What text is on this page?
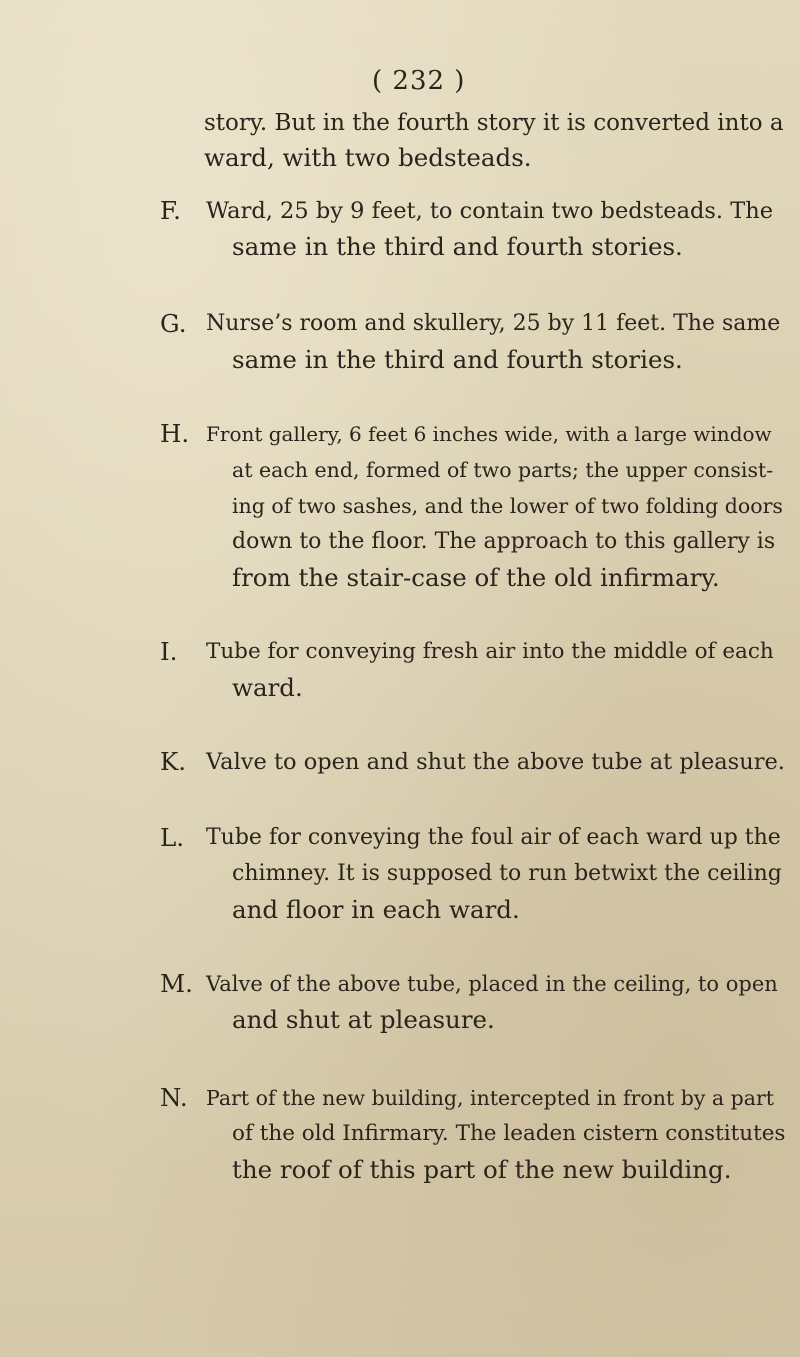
( 232 )
story. But in the fourth story it is converted into a
ward, with two bedsteads.
F. Ward, 25 by 9 feet, to contain two bedsteads. The
same in the third and fourth stories.
G. Nurse’s room and skullery, 25 by 11 feet. The same
same in the third and fourth stories.
H. Front gallery, 6 feet 6 inches wide, with a large window
at each end, formed of two parts; the upper consist-
ing of two sashes, and the lower of two folding doors
down to the floor. The approach to this gallery is
from the stair-case of the old infirmary.
I. Tube for conveying fresh air into the middle of each
ward.
K. Valve to open and shut the above tube at pleasure.
L. Tube for conveying the foul air of each ward up the
chimney. It is supposed to run betwixt the ceiling
and floor in each ward.
M. Valve of the above tube, placed in the ceiling, to open
and shut at pleasure.
N. Part of the new building, intercepted in front by a part
of the old Infirmary. The leaden cistern constitutes
the roof of this part of the new building.
